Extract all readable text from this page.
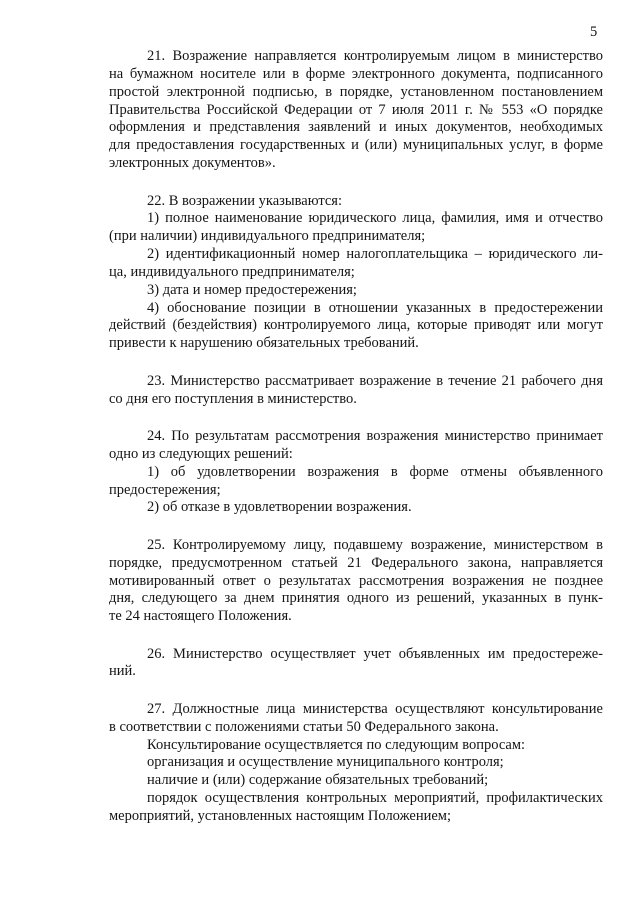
5
21. Возражение направляется контролируемым лицом в министерство
на бумажном носителе или в форме электронного документа, подписанного
простой электронной подписью, в порядке, установленном постановлением
Правительства Российской Федерации от 7 июля 2011 г. № 553 «О порядке
оформления и представления заявлений и иных документов, необходимых
для предоставления государственных и (или) муниципальных услуг, в форме
электронных документов».
22. В возражении указываются:
1) полное наименование юридического лица, фамилия, имя и отчество
(при наличии) индивидуального предпринимателя;
2) идентификационный номер налогоплательщика – юридического ли-
ца, индивидуального предпринимателя;
3) дата и номер предостережения;
4) обоснование позиции в отношении указанных в предостережении
действий (бездействия) контролируемого лица, которые приводят или могут
привести к нарушению обязательных требований.
23. Министерство рассматривает возражение в течение 21 рабочего дня
со дня его поступления в министерство.
24. По результатам рассмотрения возражения министерство принимает
одно из следующих решений:
1) об удовлетворении возражения в форме отмены объявленного
предостережения;
2) об отказе в удовлетворении возражения.
25. Контролируемому лицу, подавшему возражение, министерством в
порядке, предусмотренном статьей 21 Федерального закона, направляется
мотивированный ответ о результатах рассмотрения возражения не позднее
дня, следующего за днем принятия одного из решений, указанных в пунк-
те 24 настоящего Положения.
26. Министерство осуществляет учет объявленных им предостереже-
ний.
27. Должностные лица министерства осуществляют консультирование
в соответствии с положениями статьи 50 Федерального закона.
Консультирование осуществляется по следующим вопросам:
организация и осуществление муниципального контроля;
наличие и (или) содержание обязательных требований;
порядок осуществления контрольных мероприятий, профилактических
мероприятий, установленных настоящим Положением;
